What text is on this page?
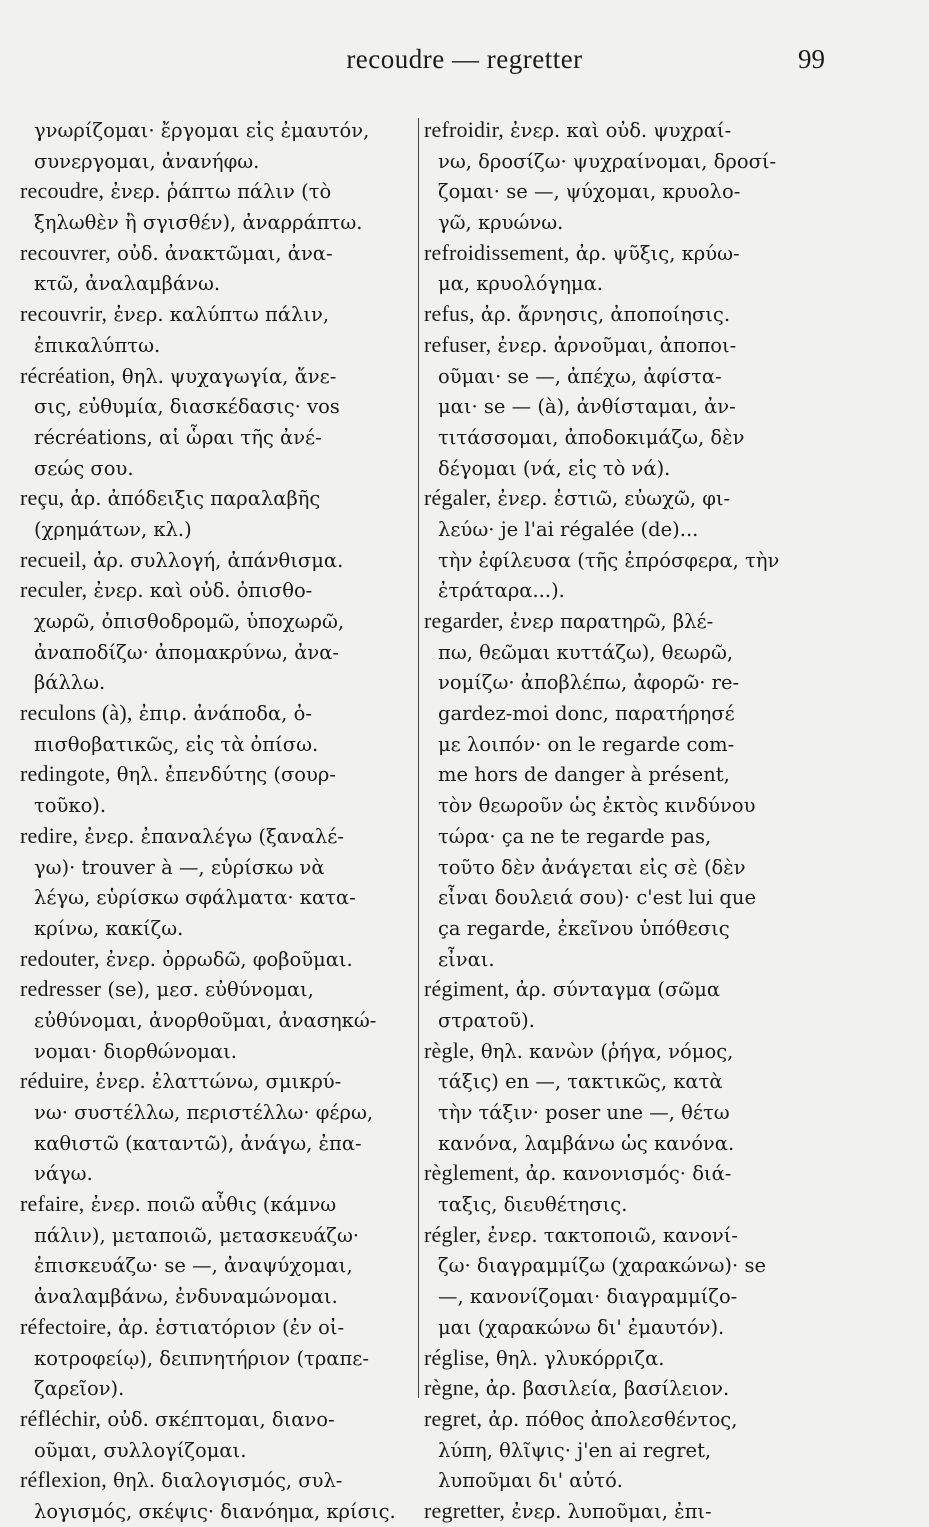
recoudre — regretter	99
γνωρίζομαι· ἔργομαι εἰς ἐμαυτόν,
συνεργομαι, ἀνανήφω.
recoudre, ἐνερ. ῥάπτω πάλιν (τὸ
ξηλωθὲν ἢ σγισθέν), ἀναρράπτω.
recouvrer, οὐδ. ἀνακτῶμαι, ἀνα-
κτῶ, ἀναλαμβάνω.
recouvrir, ἐνερ. καλύπτω πάλιν,
ἐπικαλύπτω.
récréation, θηλ. ψυχαγωγία, ἄνε-
σις, εὐθυμία, διασκέδασις· vos
récréations, αἱ ὧραι τῆς ἀνέ-
σεώς σου.
reçu, ἀρ. ἀπόδειξις παραλαβῆς
(χρημάτων, κλ.)
recueil, ἀρ. συλλογή, ἀπάνθισμα.
reculer, ἐνερ. καὶ οὐδ. ὀπισθο-
χωρῶ, ὀπισθοδρομῶ, ὑποχωρῶ,
ἀναποδίζω· ἀπομακρύνω, ἀνα-
βάλλω.
reculons (à), ἐπιρ. ἀνάποδα, ὀ-
πισθοβατικῶς, εἰς τὰ ὀπίσω.
redingote, θηλ. ἐπενδύτης (σουρ-
τοῦκο).
redire, ἐνερ. ἐπαναλέγω (ξαναλέ-
γω)· trouver à —, εὑρίσκω νὰ
λέγω, εὑρίσκω σφάλματα· κατα-
κρίνω, κακίζω.
redouter, ἐνερ. ὀρρωδῶ, φοβοῦμαι.
redresser (se), μεσ. εὐθύνομαι,
εὐθύνομαι, ἀνορθοῦμαι, ἀνασηκώ-
νομαι· διορθώνομαι.
réduire, ἐνερ. ἐλαττώνω, σμικρύ-
νω· συστέλλω, περιστέλλω· φέρω,
καθιστῶ (καταντῶ), ἀνάγω, ἐπα-
νάγω.
refaire, ἐνερ. ποιῶ αὖθις (κάμνω
πάλιν), μεταποιῶ, μετασκευάζω·
ἐπισκευάζω· se —, ἀναψύχομαι,
ἀναλαμβάνω, ἐνδυναμώνομαι.
réfectoire, ἀρ. ἑστιατόριον (ἐν οἰ-
κοτροφείῳ), δειπνητήριον (τραπε-
ζαρεῖον).
réfléchir, οὐδ. σκέπτομαι, διανο-
οῦμαι, συλλογίζομαι.
réflexion, θηλ. διαλογισμός, συλ-
λογισμός, σκέψις· διανόημα, κρίσις.
refroidir, ἐνερ. καὶ οὐδ. ψυχραί-
νω, δροσίζω· ψυχραίνομαι, δροσί-
ζομαι· se —, ψύχομαι, κρυολο-
γῶ, κρυώνω.
refroidissement, ἀρ. ψῦξις, κρύω-
μα, κρυολόγημα.
refus, ἀρ. ἄρνησις, ἀποποίησις.
refuser, ἐνερ. ἀρνοῦμαι, ἀποποι-
οῦμαι· se —, ἀπέχω, ἀφίστα-
μαι· se — (à), ἀνθίσταμαι, ἀν-
τιτάσσομαι, ἀποδοκιμάζω, δὲν
δέγομαι (νά, εἰς τὸ νά).
régaler, ἐνερ. ἑστιῶ, εὐωχῶ, φι-
λεύω· je l'ai régalée (de)...
τὴν ἐφίλευσα (τῆς ἐπρόσφερα, τὴν
ἐτράταρα...).
regarder, ἐνερ παρατηρῶ, βλέ-
πω, θεῶμαι κυττάζω), θεωρῶ,
νομίζω· ἀποβλέπω, ἀφορῶ· re-
gardez-moi donc, παρατήρησέ
με λοιπόν· on le regarde com-
me hors de danger à présent,
τὸν θεωροῦν ὡς ἐκτὸς κινδύνου
τώρα· ça ne te regarde pas,
τοῦτο δὲν ἀνάγεται εἰς σὲ (δὲν
εἶναι δουλειά σου)· c'est lui que
ça regarde, ἐκεῖνου ὑπόθεσις
εἶναι.
régiment, ἀρ. σύνταγμα (σῶμα
στρατοῦ).
règle, θηλ. κανὼν (ῥήγα, νόμος,
τάξις) en —, τακτικῶς, κατὰ
τὴν τάξιν· poser une —, θέτω
κανόνα, λαμβάνω ὡς κανόνα.
règlement, ἀρ. κανονισμός· διά-
ταξις, διευθέτησις.
régler, ἐνερ. τακτοποιῶ, κανονί-
ζω· διαγραμμίζω (χαρακώνω)· se
—, κανονίζομαι· διαγραμμίζο-
μαι (χαρακώνω δι' ἐμαυτόν).
réglise, θηλ. γλυκόρριζα.
règne, ἀρ. βασιλεία, βασίλειον.
regret, ἀρ. πόθος ἀπολεσθέντος,
λύπη, θλῖψις· j'en ai regret,
λυποῦμαι δι' αὐτό.
regretter, ἐνερ. λυποῦμαι, ἐπι-
